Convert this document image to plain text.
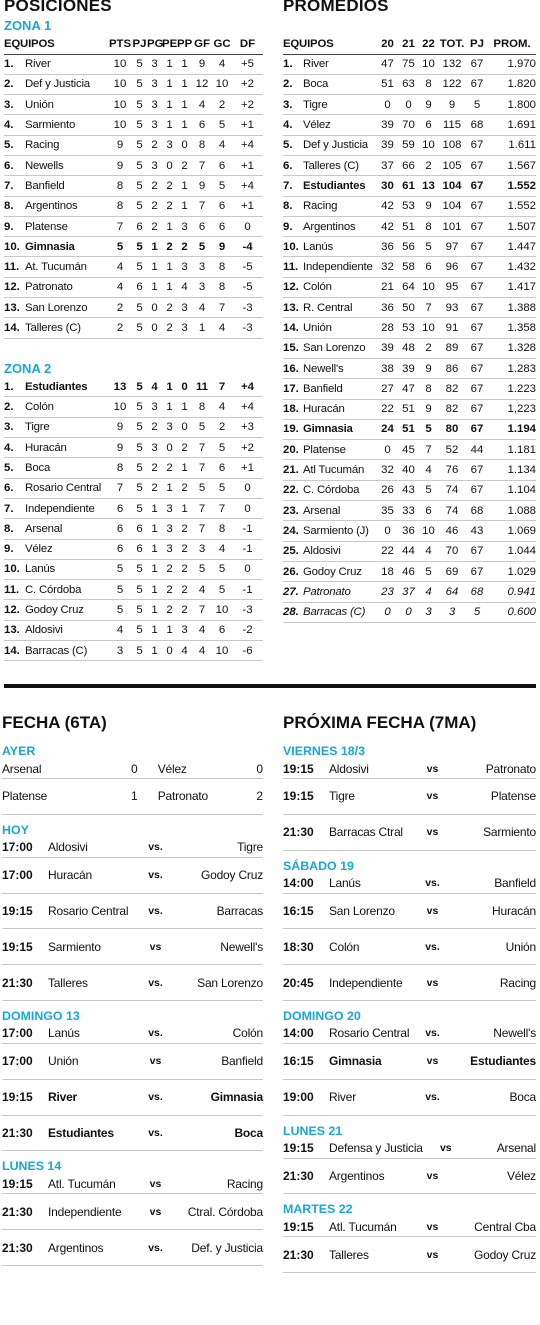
POSICIONES
ZONA 1
EQUIPOS		PTS	PJ	PG	PE	PP	GF	GC	DF
1.	River	10	5	3	1	1	9	4	+5
2.	Def y Justicia	10	5	3	1	1	12	10	+2
3.	Unión	10	5	3	1	1	4	2	+2
4.	Sarmiento	10	5	3	1	1	6	5	+1
5.	Racing	9	5	2	3	0	8	4	+4
6.	Newells	9	5	3	0	2	7	6	+1
7.	Banfield	8	5	2	2	1	9	5	+4
8.	Argentinos	8	5	2	2	1	7	6	+1
9.	Platense	7	6	2	1	3	6	6	0
10.	Gimnasia	5	5	1	2	2	5	9	-4
11.	At. Tucumán	4	5	1	1	3	3	8	-5
12.	Patronato	4	6	1	1	4	3	8	-5
13.	San Lorenzo	2	5	0	2	3	4	7	-3
14.	Talleres (C)	2	5	0	2	3	1	4	-3
ZONA 2
1.	Estudiantes	13	5	4	1	0	11	7	+4
2.	Colón	10	5	3	1	1	8	4	+4
3.	Tigre	9	5	2	3	0	5	2	+3
4.	Huracán	9	5	3	0	2	7	5	+2
5.	Boca	8	5	2	2	1	7	6	+1
6.	Rosario Central	7	5	2	1	2	5	5	0
7.	Independiente	6	5	1	3	1	7	7	0
8.	Arsenal	6	6	1	3	2	7	8	-1
9.	Vélez	6	6	1	3	2	3	4	-1
10.	Lanús	5	5	1	2	2	5	5	0
11.	C. Córdoba	5	5	1	2	2	4	5	-1
12.	Godoy Cruz	5	5	1	2	2	7	10	-3
13.	Aldosivi	4	5	1	1	3	4	6	-2
14.	Barracas (C)	3	5	1	0	4	4	10	-6
PROMEDIOS
EQUIPOS		20	21	22	TOT.	PJ	PROM.
1.	River	47	75	10	132	67	1.970
2.	Boca	51	63	8	122	67	1.820
3.	Tigre	0	0	9	9	5	1.800
4.	Vélez	39	70	6	115	68	1.691
5.	Def y Justicia	39	59	10	108	67	1.611
6.	Talleres (C)	37	66	2	105	67	1.567
7.	Estudiantes	30	61	13	104	67	1.552
8.	Racing	42	53	9	104	67	1.552
9.	Argentinos	42	51	8	101	67	1.507
10.	Lanús	36	56	5	97	67	1.447
11.	Independiente	32	58	6	96	67	1.432
12.	Colón	21	64	10	95	67	1.417
13.	R. Central	36	50	7	93	67	1.388
14.	Unión	28	53	10	91	67	1.358
15.	San Lorenzo	39	48	2	89	67	1.328
16.	Newell's	38	39	9	86	67	1.283
17.	Banfield	27	47	8	82	67	1.223
18.	Huracán	22	51	9	82	67	1,223
19.	Gimnasia	24	51	5	80	67	1.194
20.	Platense	0	45	7	52	44	1.181
21.	Atl Tucumán	32	40	4	76	67	1.134
22.	C. Córdoba	26	43	5	74	67	1.104
23.	Arsenal	35	33	6	74	68	1.088
24.	Sarmiento (J)	0	36	10	46	43	1.069
25.	Aldosivi	22	44	4	70	67	1.044
26.	Godoy Cruz	18	46	5	69	67	1.029
27.	Patronato	23	37	4	64	68	0.941
28.	Barracas (C)	0	0	3	3	5	0.600
FECHA (6TA)
AYER
Arsenal	0	Vélez	0
Platense	1	Patronato	2
HOY
17:00	Aldosivi	vs.	Tigre
17:00	Huracán	vs.	Godoy Cruz
19:15	Rosario Central	vs.	Barracas
19:15	Sarmiento	vs	Newell's
21:30	Talleres	vs.	San Lorenzo
DOMINGO 13
17:00	Lanús	vs.	Colón
17:00	Unión	vs	Banfield
19:15	River	vs.	Gimnasia
21:30	Estudiantes	vs.	Boca
LUNES 14
19:15	Atl. Tucumán	vs	Racing
21:30	Independiente	vs	Ctral. Córdoba
21:30	Argentinos	vs.	Def. y Justicia
PRÓXIMA FECHA (7MA)
VIERNES 18/3
19:15	Aldosivi	vs	Patronato
19:15	Tigre	vs	Platense
21:30	Barracas Ctral	vs	Sarmiento
SÁBADO 19
14:00	Lanús	vs.	Banfield
16:15	San Lorenzo	vs	Huracán
18:30	Colón	vs.	Unión
20:45	Independiente	vs	Racing
DOMINGO 20
14:00	Rosario Central	vs.	Newell's
16:15	Gimnasia	vs	Estudiantes
19:00	River	vs.	Boca
LUNES 21
19:15	Defensa y Justicia	vs	Arsenal
21:30	Argentinos	vs	Vélez
MARTES 22
19:15	Atl. Tucumán	vs	Central Cba
21:30	Talleres	vs	Godoy Cruz
